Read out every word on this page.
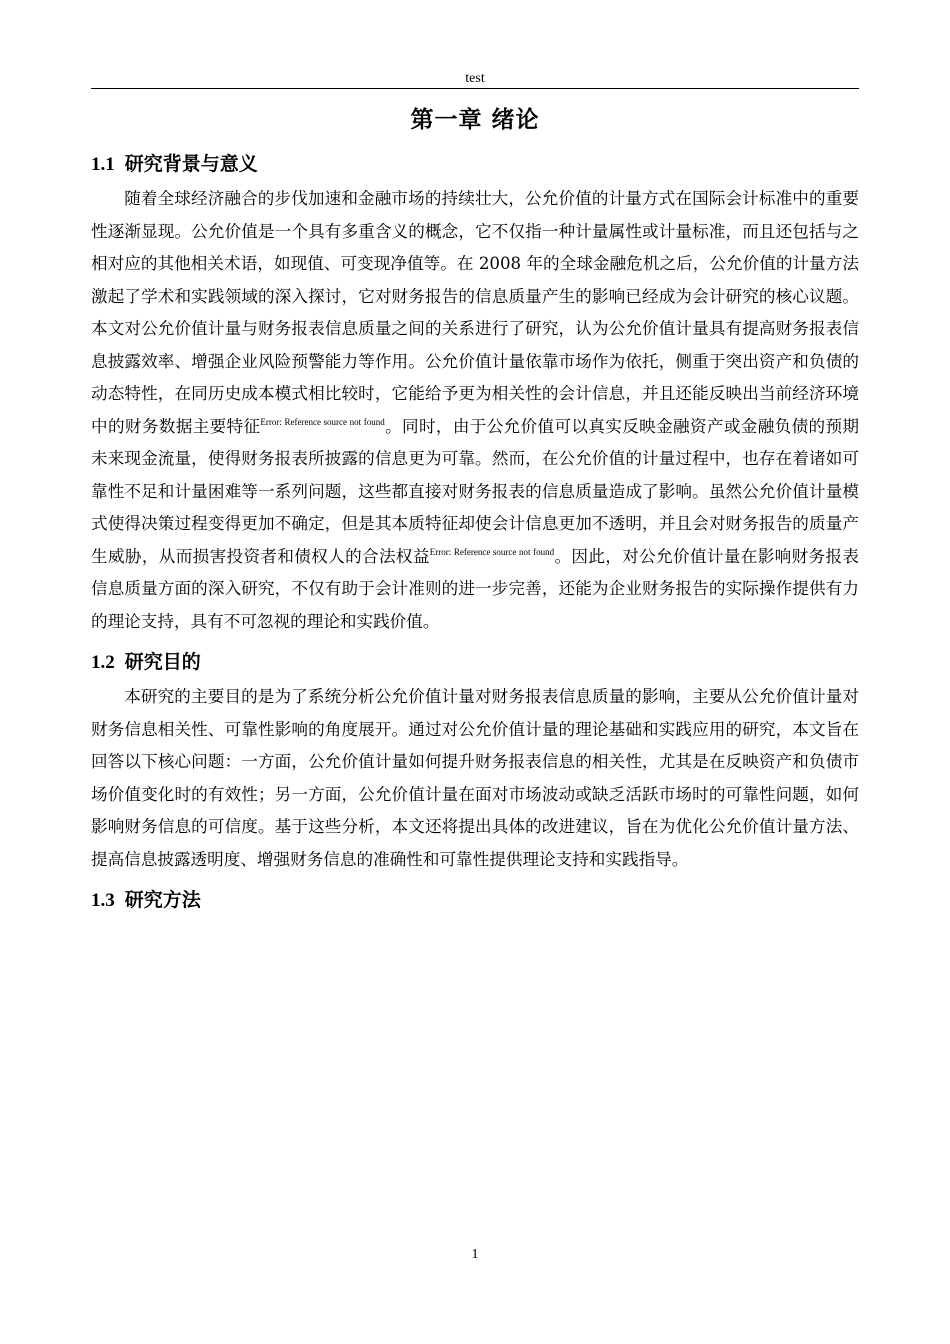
test
第一章 绪论
1.1 研究背景与意义

随着全球经济融合的步伐加速和金融市场的持续壮大，公允价值的计量方式在国际会计标准中的重要性逐渐显现。公允价值是一个具有多重含义的概念，它不仅指一种计量属性或计量标准，而且还包括与之相对应的其他相关术语，如现值、可变现净值等。在 2008 年的全球金融危机之后，公允价值的计量方法激起了学术和实践领域的深入探讨，它对财务报告的信息质量产生的影响已经成为会计研究的核心议题。本文对公允价值计量与财务报表信息质量之间的关系进行了研究，认为公允价值计量具有提高财务报表信息披露效率、增强企业风险预警能力等作用。公允价值计量依靠市场作为依托，侧重于突出资产和负债的动态特性，在同历史成本模式相比较时，它能给予更为相关性的会计信息，并且还能反映出当前经济环境中的财务数据主要特征$^{Error: Reference source not found}$。同时，由于公允价值可以真实反映金融资产或金融负债的预期未来现金流量，使得财务报表所披露的信息更为可靠。然而，在公允价值的计量过程中，也存在着诸如可靠性不足和计量困难等一系列问题，这些都直接对财务报表的信息质量造成了影响。虽然公允价值计量模式使得决策过程变得更加不确定，但是其本质特征却使会计信息更加不透明，并且会对财务报告的质量产生威胁，从而损害投资者和债权人的合法权益$^{Error: Reference source not found}$。因此，对公允价值计量在影响财务报表信息质量方面的深入研究，不仅有助于会计准则的进一步完善，还能为企业财务报告的实际操作提供有力的理论支持，具有不可忽视的理论和实践价值。

1.2 研究目的

本研究的主要目的是为了系统分析公允价值计量对财务报表信息质量的影响，主要从公允价值计量对财务信息相关性、可靠性影响的角度展开。通过对公允价值计量的理论基础和实践应用的研究，本文旨在回答以下核心问题：一方面，公允价值计量如何提升财务报表信息的相关性，尤其是在反映资产和负债市场价值变化时的有效性；另一方面，公允价值计量在面对市场波动或缺乏活跃市场时的可靠性问题，如何影响财务信息的可信度。基于这些分析，本文还将提出具体的改进建议，旨在为优化公允价值计量方法、提高信息披露透明度、增强财务信息的准确性和可靠性提供理论支持和实践指导。

1.3 研究方法
1
